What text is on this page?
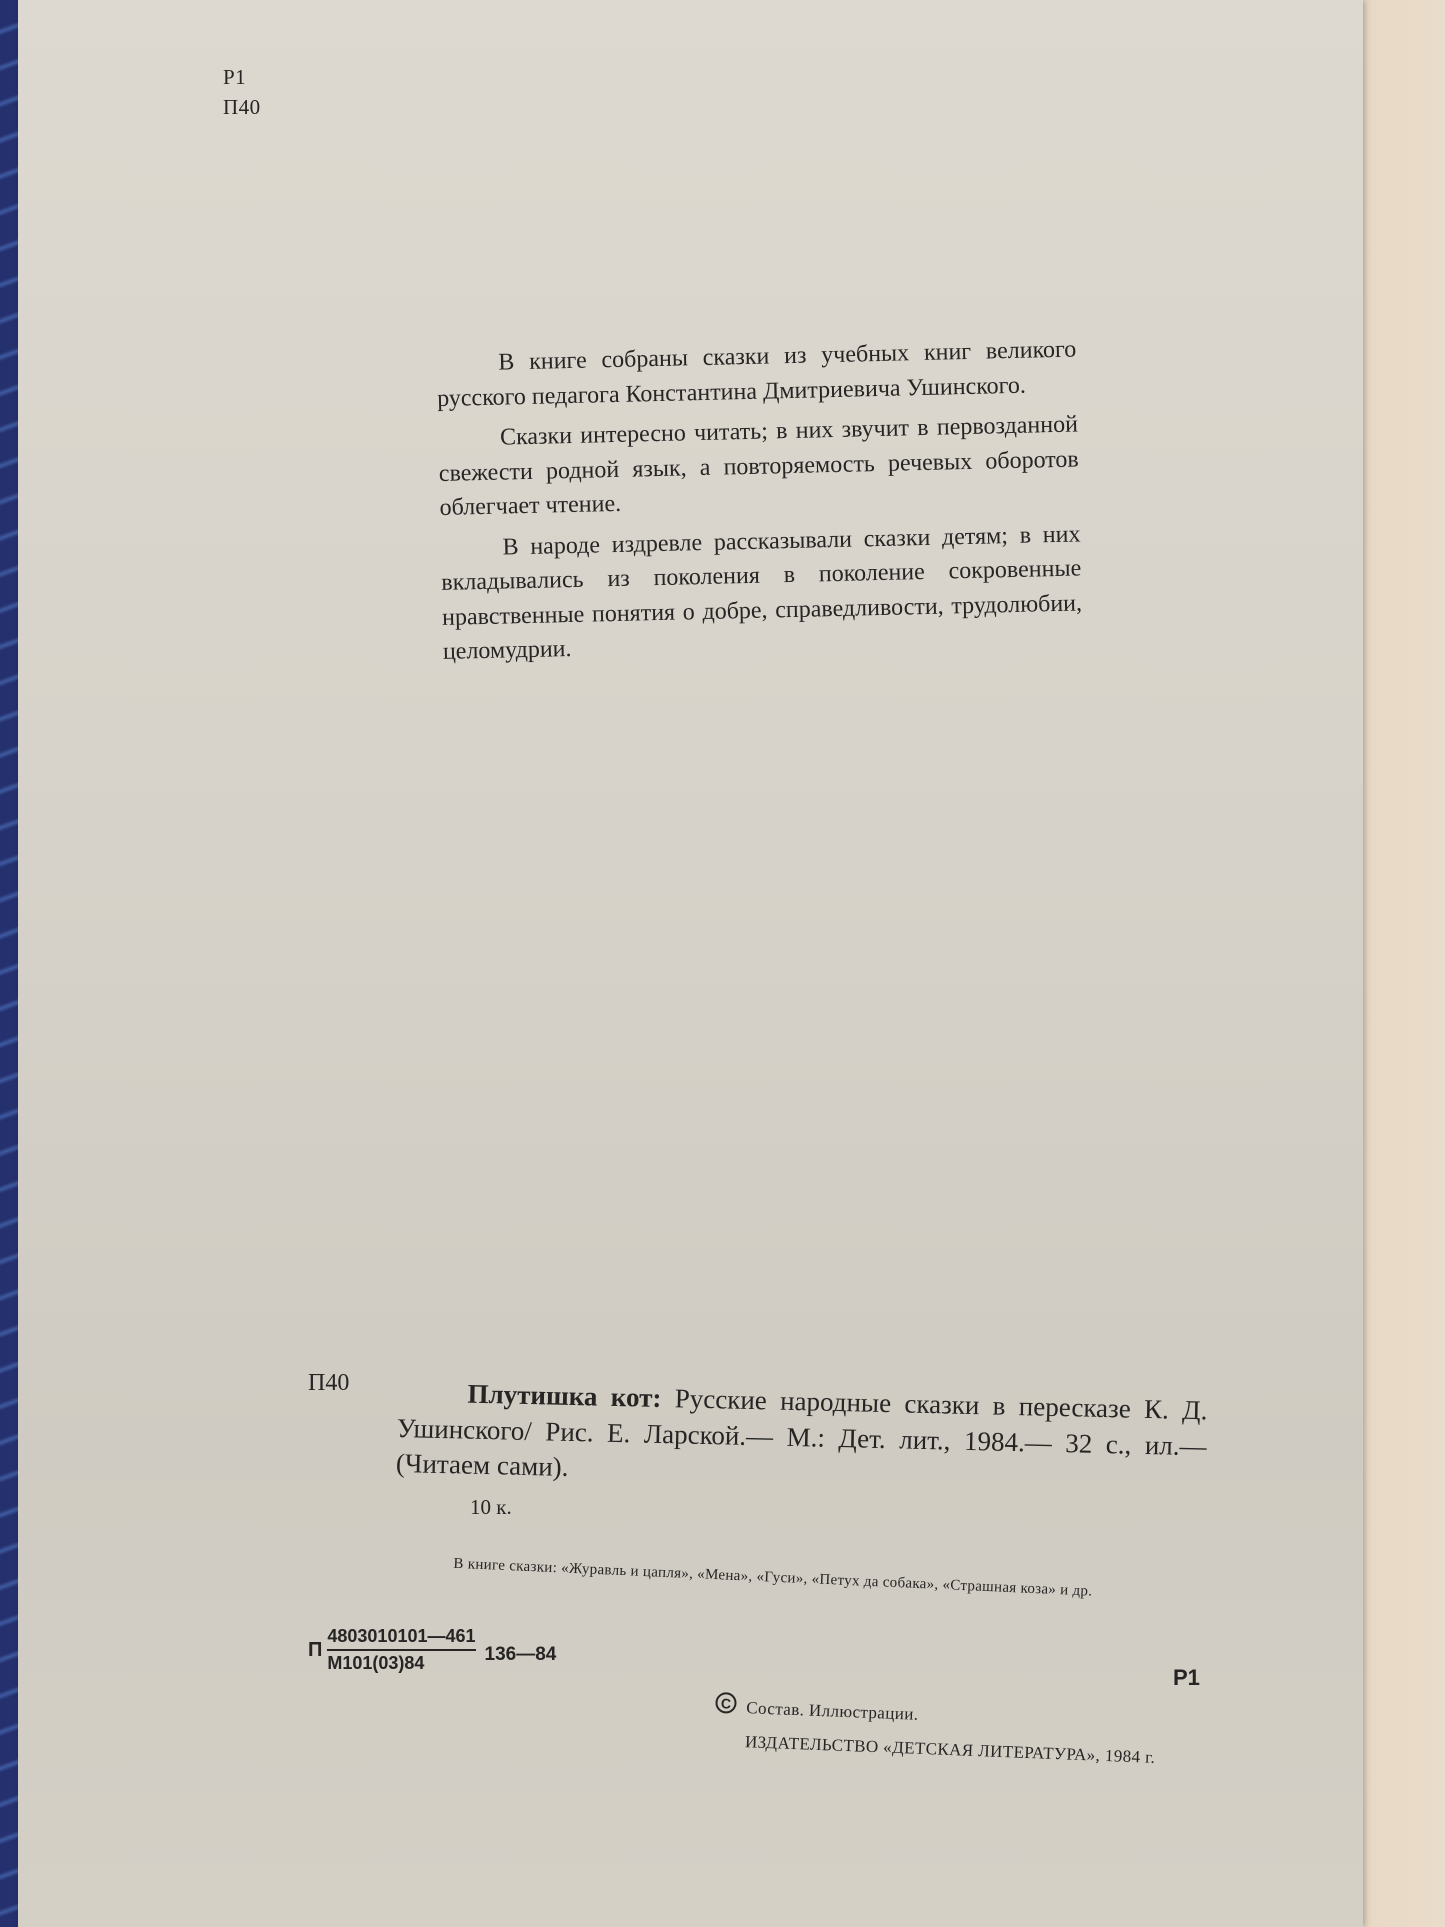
Р1
П40

В книге собраны сказки из учебных книг великого русского педагога Константина Дмитриевича Ушинского.

Сказки интересно читать; в них звучит в первозданной свежести родной язык, а повторяемость речевых оборотов облегчает чтение.

В народе издревле рассказывали сказки детям; в них вкладывались из поколения в поколение сокровенные нравственные понятия о добре, справедливости, трудолюбии, целомудрии.

П40	Плутишка кот: Русские народные сказки в пересказе К. Д. Ушинского/ Рис. Е. Ларской.— М.: Дет. лит., 1984.— 32 с., ил.— (Читаем сами).
10 к.
В книге сказки: «Журавль и цапля», «Мена», «Гуси», «Петух да собака», «Страшная коза» и др.
П $\frac{4803010101—461}{М101(03)84}$ 136—84
Р1
C Состав. Иллюстрации.
ИЗДАТЕЛЬСТВО «ДЕТСКАЯ ЛИТЕРАТУРА», 1984 г.
